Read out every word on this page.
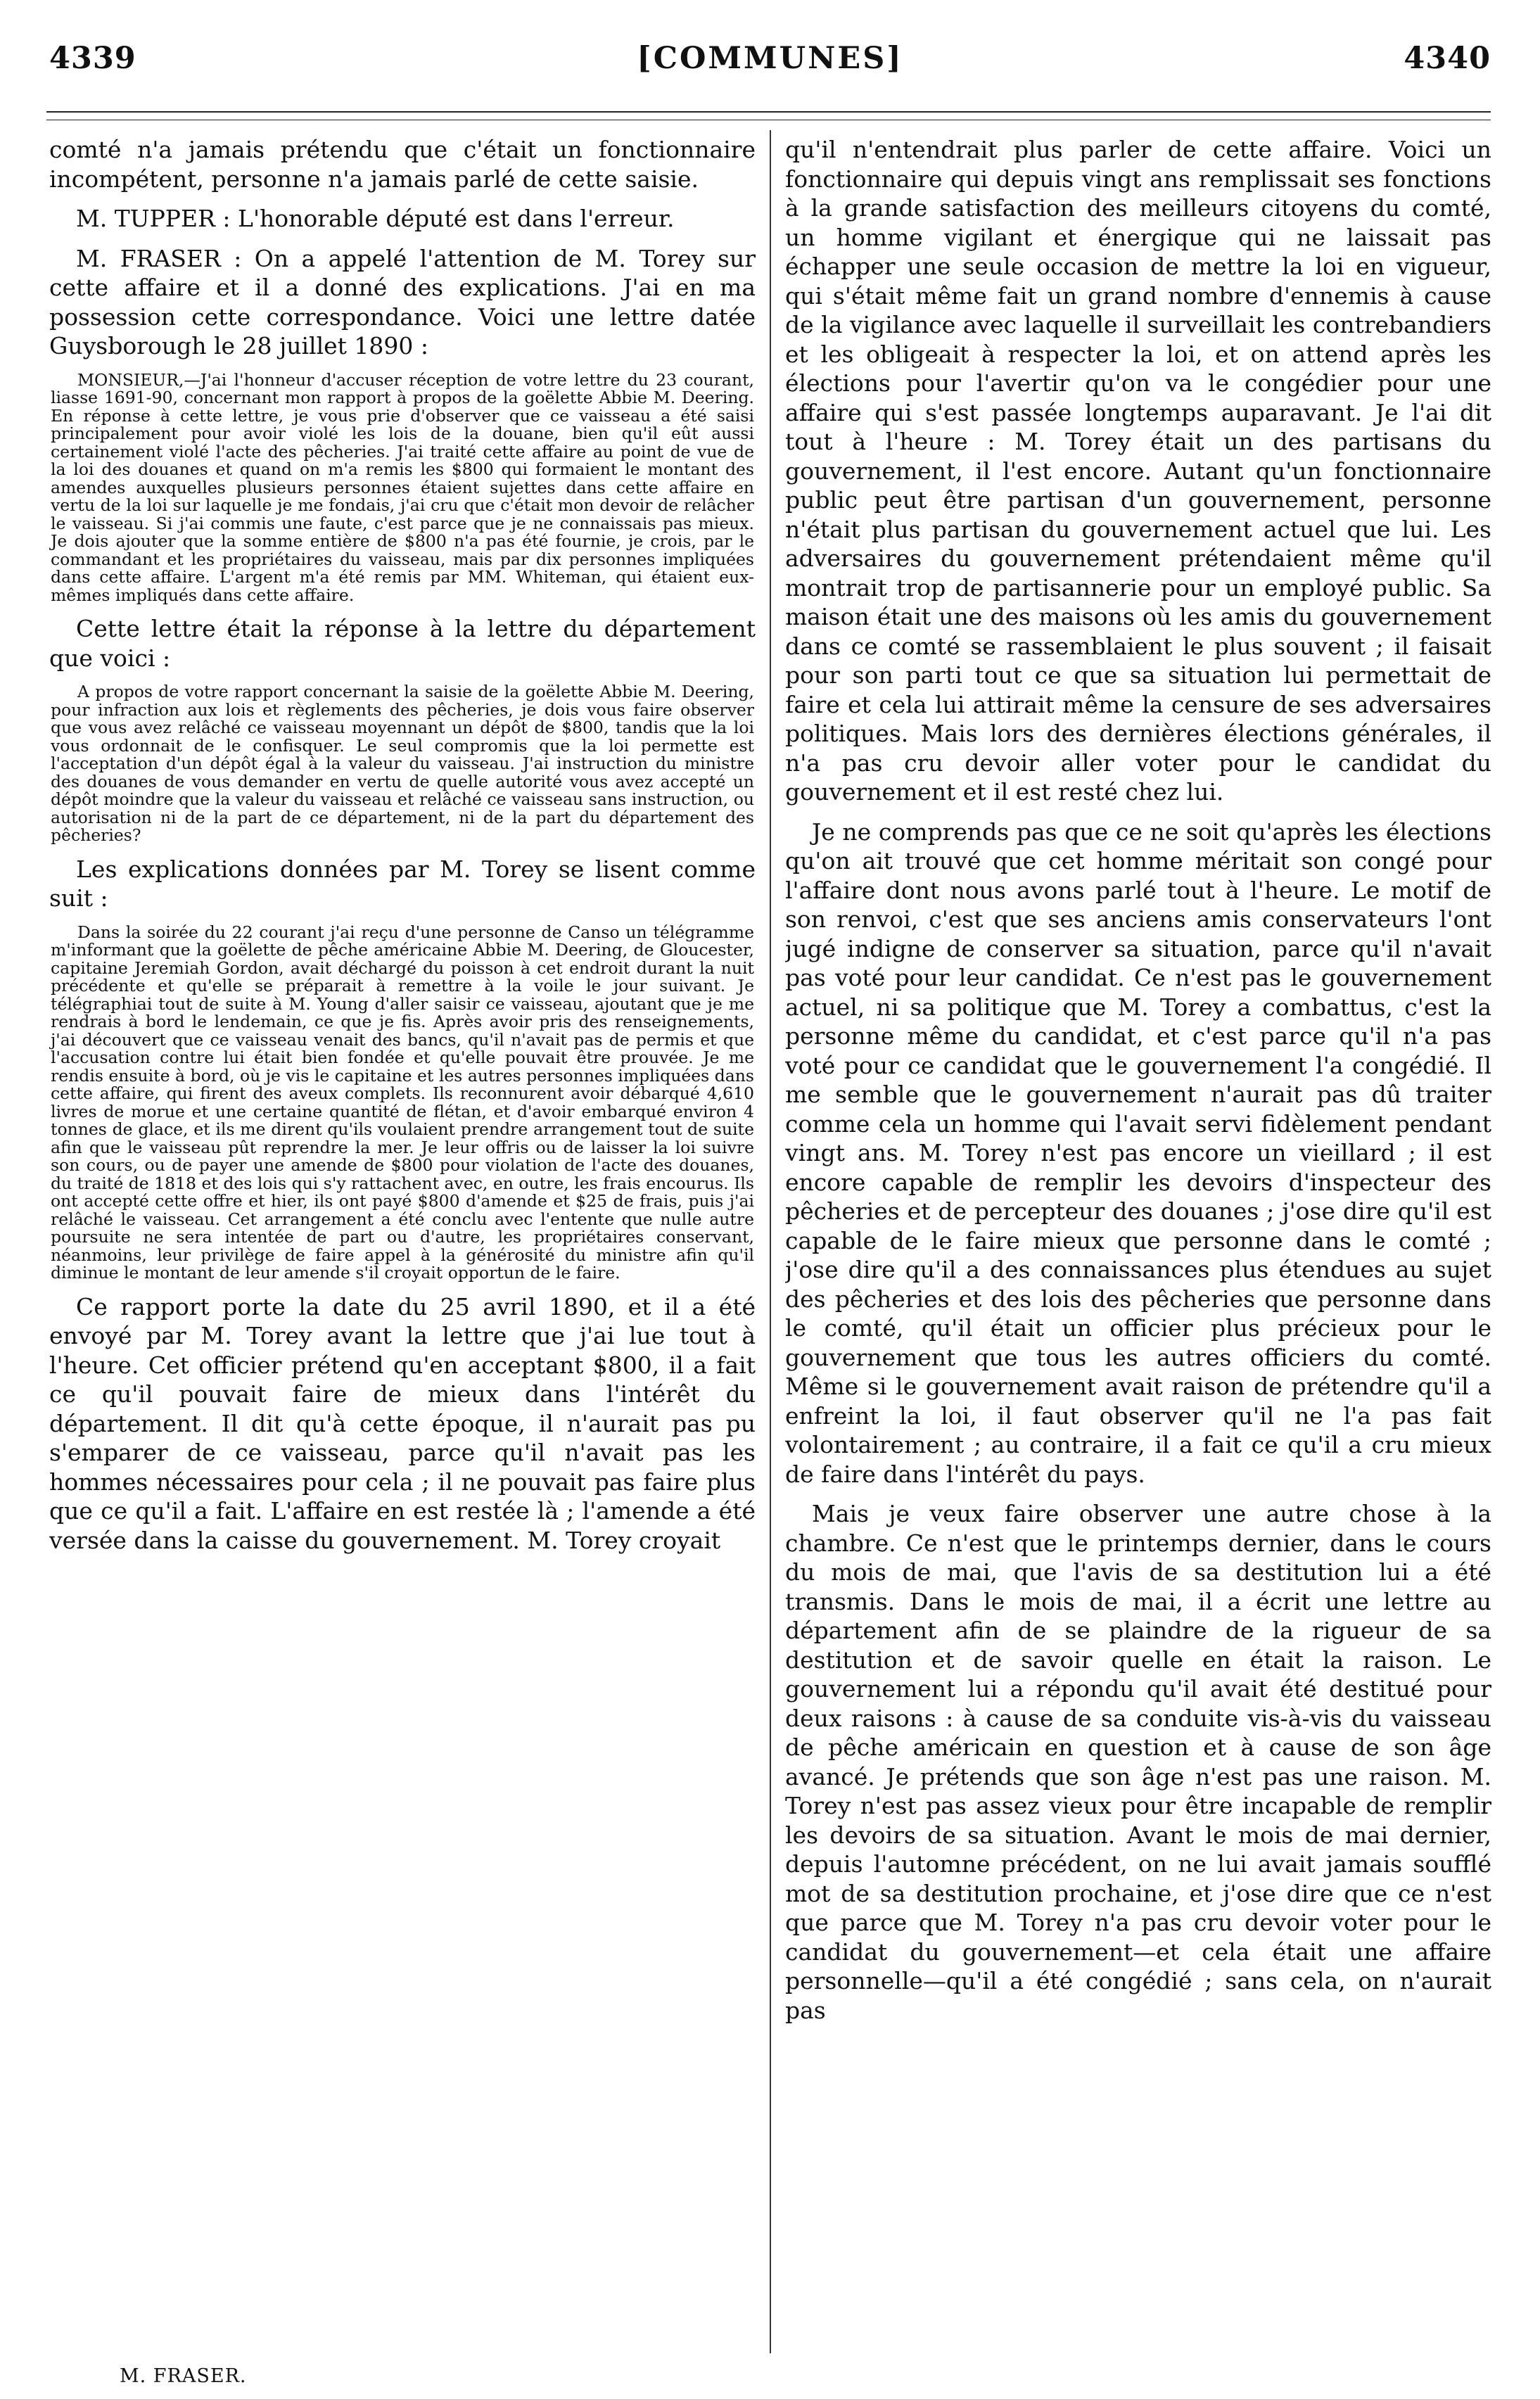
4339	[COMMUNES]	4340

comté n'a jamais prétendu que c'était un fonctionnaire incompétent, personne n'a jamais parlé de cette saisie.

M. TUPPER : L'honorable député est dans l'erreur.

M. FRASER : On a appelé l'attention de M. Torey sur cette affaire et il a donné des explications. J'ai en ma possession cette correspondance. Voici une lettre datée Guysborough le 28 juillet 1890 :

MONSIEUR,—J'ai l'honneur d'accuser réception de votre lettre du 23 courant, liasse 1691-90, concernant mon rapport à propos de la goëlette Abbie M. Deering. En réponse à cette lettre, je vous prie d'observer que ce vaisseau a été saisi principalement pour avoir violé les lois de la douane, bien qu'il eût aussi certainement violé l'acte des pêcheries. J'ai traité cette affaire au point de vue de la loi des douanes et quand on m'a remis les $800 qui formaient le montant des amendes auxquelles plusieurs personnes étaient sujettes dans cette affaire en vertu de la loi sur laquelle je me fondais, j'ai cru que c'était mon devoir de relâcher le vaisseau. Si j'ai commis une faute, c'est parce que je ne connaissais pas mieux. Je dois ajouter que la somme entière de $800 n'a pas été fournie, je crois, par le commandant et les propriétaires du vaisseau, mais par dix personnes impliquées dans cette affaire. L'argent m'a été remis par MM. Whiteman, qui étaient eux-mêmes impliqués dans cette affaire.

Cette lettre était la réponse à la lettre du département que voici :

A propos de votre rapport concernant la saisie de la goëlette Abbie M. Deering, pour infraction aux lois et règlements des pêcheries, je dois vous faire observer que vous avez relâché ce vaisseau moyennant un dépôt de $800, tandis que la loi vous ordonnait de le confisquer. Le seul compromis que la loi permette est l'acceptation d'un dépôt égal à la valeur du vaisseau. J'ai instruction du ministre des douanes de vous demander en vertu de quelle autorité vous avez accepté un dépôt moindre que la valeur du vaisseau et relâché ce vaisseau sans instruction, ou autorisation ni de la part de ce département, ni de la part du département des pêcheries?

Les explications données par M. Torey se lisent comme suit :

Dans la soirée du 22 courant j'ai reçu d'une personne de Canso un télégramme m'informant que la goëlette de pêche américaine Abbie M. Deering, de Gloucester, capitaine Jeremiah Gordon, avait déchargé du poisson à cet endroit durant la nuit précédente et qu'elle se préparait à remettre à la voile le jour suivant. Je télégraphiai tout de suite à M. Young d'aller saisir ce vaisseau, ajoutant que je me rendrais à bord le lendemain, ce que je fis. Après avoir pris des renseignements, j'ai découvert que ce vaisseau venait des bancs, qu'il n'avait pas de permis et que l'accusation contre lui était bien fondée et qu'elle pouvait être prouvée. Je me rendis ensuite à bord, où je vis le capitaine et les autres personnes impliquées dans cette affaire, qui firent des aveux complets. Ils reconnurent avoir débarqué 4,610 livres de morue et une certaine quantité de flétan, et d'avoir embarqué environ 4 tonnes de glace, et ils me dirent qu'ils voulaient prendre arrangement tout de suite afin que le vaisseau pût reprendre la mer. Je leur offris ou de laisser la loi suivre son cours, ou de payer une amende de $800 pour violation de l'acte des douanes, du traité de 1818 et des lois qui s'y rattachent avec, en outre, les frais encourus. Ils ont accepté cette offre et hier, ils ont payé $800 d'amende et $25 de frais, puis j'ai relâché le vaisseau. Cet arrangement a été conclu avec l'entente que nulle autre poursuite ne sera intentée de part ou d'autre, les propriétaires conservant, néanmoins, leur privilège de faire appel à la générosité du ministre afin qu'il diminue le montant de leur amende s'il croyait opportun de le faire.

Ce rapport porte la date du 25 avril 1890, et il a été envoyé par M. Torey avant la lettre que j'ai lue tout à l'heure. Cet officier prétend qu'en acceptant $800, il a fait ce qu'il pouvait faire de mieux dans l'intérêt du département. Il dit qu'à cette époque, il n'aurait pas pu s'emparer de ce vaisseau, parce qu'il n'avait pas les hommes nécessaires pour cela ; il ne pouvait pas faire plus que ce qu'il a fait. L'affaire en est restée là ; l'amende a été versée dans la caisse du gouvernement. M. Torey croyait

qu'il n'entendrait plus parler de cette affaire. Voici un fonctionnaire qui depuis vingt ans remplissait ses fonctions à la grande satisfaction des meilleurs citoyens du comté, un homme vigilant et énergique qui ne laissait pas échapper une seule occasion de mettre la loi en vigueur, qui s'était même fait un grand nombre d'ennemis à cause de la vigilance avec laquelle il surveillait les contrebandiers et les obligeait à respecter la loi, et on attend après les élections pour l'avertir qu'on va le congédier pour une affaire qui s'est passée longtemps auparavant. Je l'ai dit tout à l'heure : M. Torey était un des partisans du gouvernement, il l'est encore. Autant qu'un fonctionnaire public peut être partisan d'un gouvernement, personne n'était plus partisan du gouvernement actuel que lui. Les adversaires du gouvernement prétendaient même qu'il montrait trop de partisannerie pour un employé public. Sa maison était une des maisons où les amis du gouvernement dans ce comté se rassemblaient le plus souvent ; il faisait pour son parti tout ce que sa situation lui permettait de faire et cela lui attirait même la censure de ses adversaires politiques. Mais lors des dernières élections générales, il n'a pas cru devoir aller voter pour le candidat du gouvernement et il est resté chez lui.

Je ne comprends pas que ce ne soit qu'après les élections qu'on ait trouvé que cet homme méritait son congé pour l'affaire dont nous avons parlé tout à l'heure. Le motif de son renvoi, c'est que ses anciens amis conservateurs l'ont jugé indigne de conserver sa situation, parce qu'il n'avait pas voté pour leur candidat. Ce n'est pas le gouvernement actuel, ni sa politique que M. Torey a combattus, c'est la personne même du candidat, et c'est parce qu'il n'a pas voté pour ce candidat que le gouvernement l'a congédié. Il me semble que le gouvernement n'aurait pas dû traiter comme cela un homme qui l'avait servi fidèlement pendant vingt ans. M. Torey n'est pas encore un vieillard ; il est encore capable de remplir les devoirs d'inspecteur des pêcheries et de percepteur des douanes ; j'ose dire qu'il est capable de le faire mieux que personne dans le comté ; j'ose dire qu'il a des connaissances plus étendues au sujet des pêcheries et des lois des pêcheries que personne dans le comté, qu'il était un officier plus précieux pour le gouvernement que tous les autres officiers du comté. Même si le gouvernement avait raison de prétendre qu'il a enfreint la loi, il faut observer qu'il ne l'a pas fait volontairement ; au contraire, il a fait ce qu'il a cru mieux de faire dans l'intérêt du pays.

Mais je veux faire observer une autre chose à la chambre. Ce n'est que le printemps dernier, dans le cours du mois de mai, que l'avis de sa destitution lui a été transmis. Dans le mois de mai, il a écrit une lettre au département afin de se plaindre de la rigueur de sa destitution et de savoir quelle en était la raison. Le gouvernement lui a répondu qu'il avait été destitué pour deux raisons : à cause de sa conduite vis-à-vis du vaisseau de pêche américain en question et à cause de son âge avancé. Je prétends que son âge n'est pas une raison. M. Torey n'est pas assez vieux pour être incapable de remplir les devoirs de sa situation. Avant le mois de mai dernier, depuis l'automne précédent, on ne lui avait jamais soufflé mot de sa destitution prochaine, et j'ose dire que ce n'est que parce que M. Torey n'a pas cru devoir voter pour le candidat du gouvernement—et cela était une affaire personnelle—qu'il a été congédié ; sans cela, on n'aurait pas

M. FRASER.
